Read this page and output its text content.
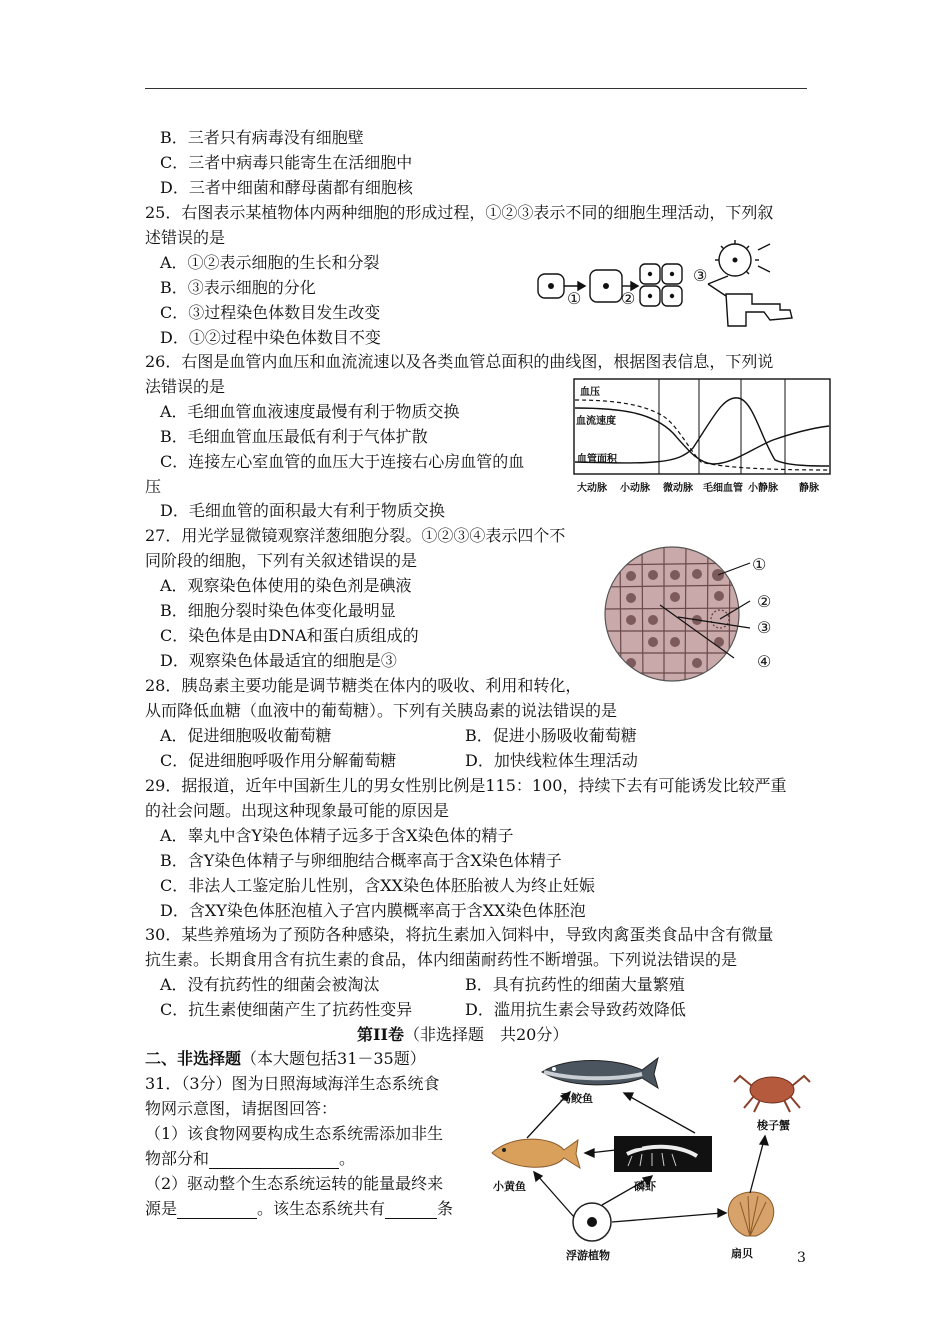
B．三者只有病毒没有细胞壁
C．三者中病毒只能寄生在活细胞中
D．三者中细菌和酵母菌都有细胞核
25．右图表示某植物体内两种细胞的形成过程，①②③表示不同的细胞生理活动，下列叙
述错误的是
A．①②表示细胞的生长和分裂
B．③表示细胞的分化
C．③过程染色体数目发生改变
D．①②过程中染色体数目不变
① ②
③
26．右图是血管内血压和血流流速以及各类血管总面积的曲线图，根据图表信息，下列说
法错误的是
A．毛细血管血液速度最慢有利于物质交换
B．毛细血管血压最低有利于气体扩散
C．连接左心室血管的血压大于连接右心房血管的血
压
D．毛细血管的面积最大有利于物质交换
血压
血流速度
血管面积
大动脉 小动脉 微动脉 毛细血管 小静脉 静脉
27．用光学显微镜观察洋葱细胞分裂。①②③④表示四个不
同阶段的细胞，下列有关叙述错误的是
A．观察染色体使用的染色剂是碘液
B．细胞分裂时染色体变化最明显
C．染色体是由DNA和蛋白质组成的
D．观察染色体最适宜的细胞是③
①
②
③
④
28．胰岛素主要功能是调节糖类在体内的吸收、利用和转化，
从而降低血糖（血液中的葡萄糖）。下列有关胰岛素的说法错误的是
A．促进细胞吸收葡萄糖	B．促进小肠吸收葡萄糖
C．促进细胞呼吸作用分解葡萄糖	D．加快线粒体生理活动
29．据报道，近年中国新生儿的男女性别比例是115：100，持续下去有可能诱发比较严重
的社会问题。出现这种现象最可能的原因是
A．睾丸中含Y染色体精子远多于含X染色体的精子
B．含Y染色体精子与卵细胞结合概率高于含X染色体精子
C．非法人工鉴定胎儿性别，含XX染色体胚胎被人为终止妊娠
D．含XY染色体胚泡植入子宫内膜概率高于含XX染色体胚泡
30．某些养殖场为了预防各种感染，将抗生素加入饲料中，导致肉禽蛋类食品中含有微量
抗生素。长期食用含有抗生素的食品，体内细菌耐药性不断增强。下列说法错误的是
A．没有抗药性的细菌会被淘汰	B．具有抗药性的细菌大量繁殖
C．抗生素使细菌产生了抗药性变异	D．滥用抗生素会导致药效降低
第II卷（非选择题　共20分）
二、非选择题（本大题包括31－35题）
31．（3分）图为日照海域海洋生态系统食
物网示意图，请据图回答：
（1）该食物网要构成生态系统需添加非生
物部分和	。
（2）驱动整个生态系统运转的能量最终来
源是	。该生态系统共有	条
马鲛鱼
梭子蟹
小黄鱼	磷虾
浮游植物	扇贝	3
